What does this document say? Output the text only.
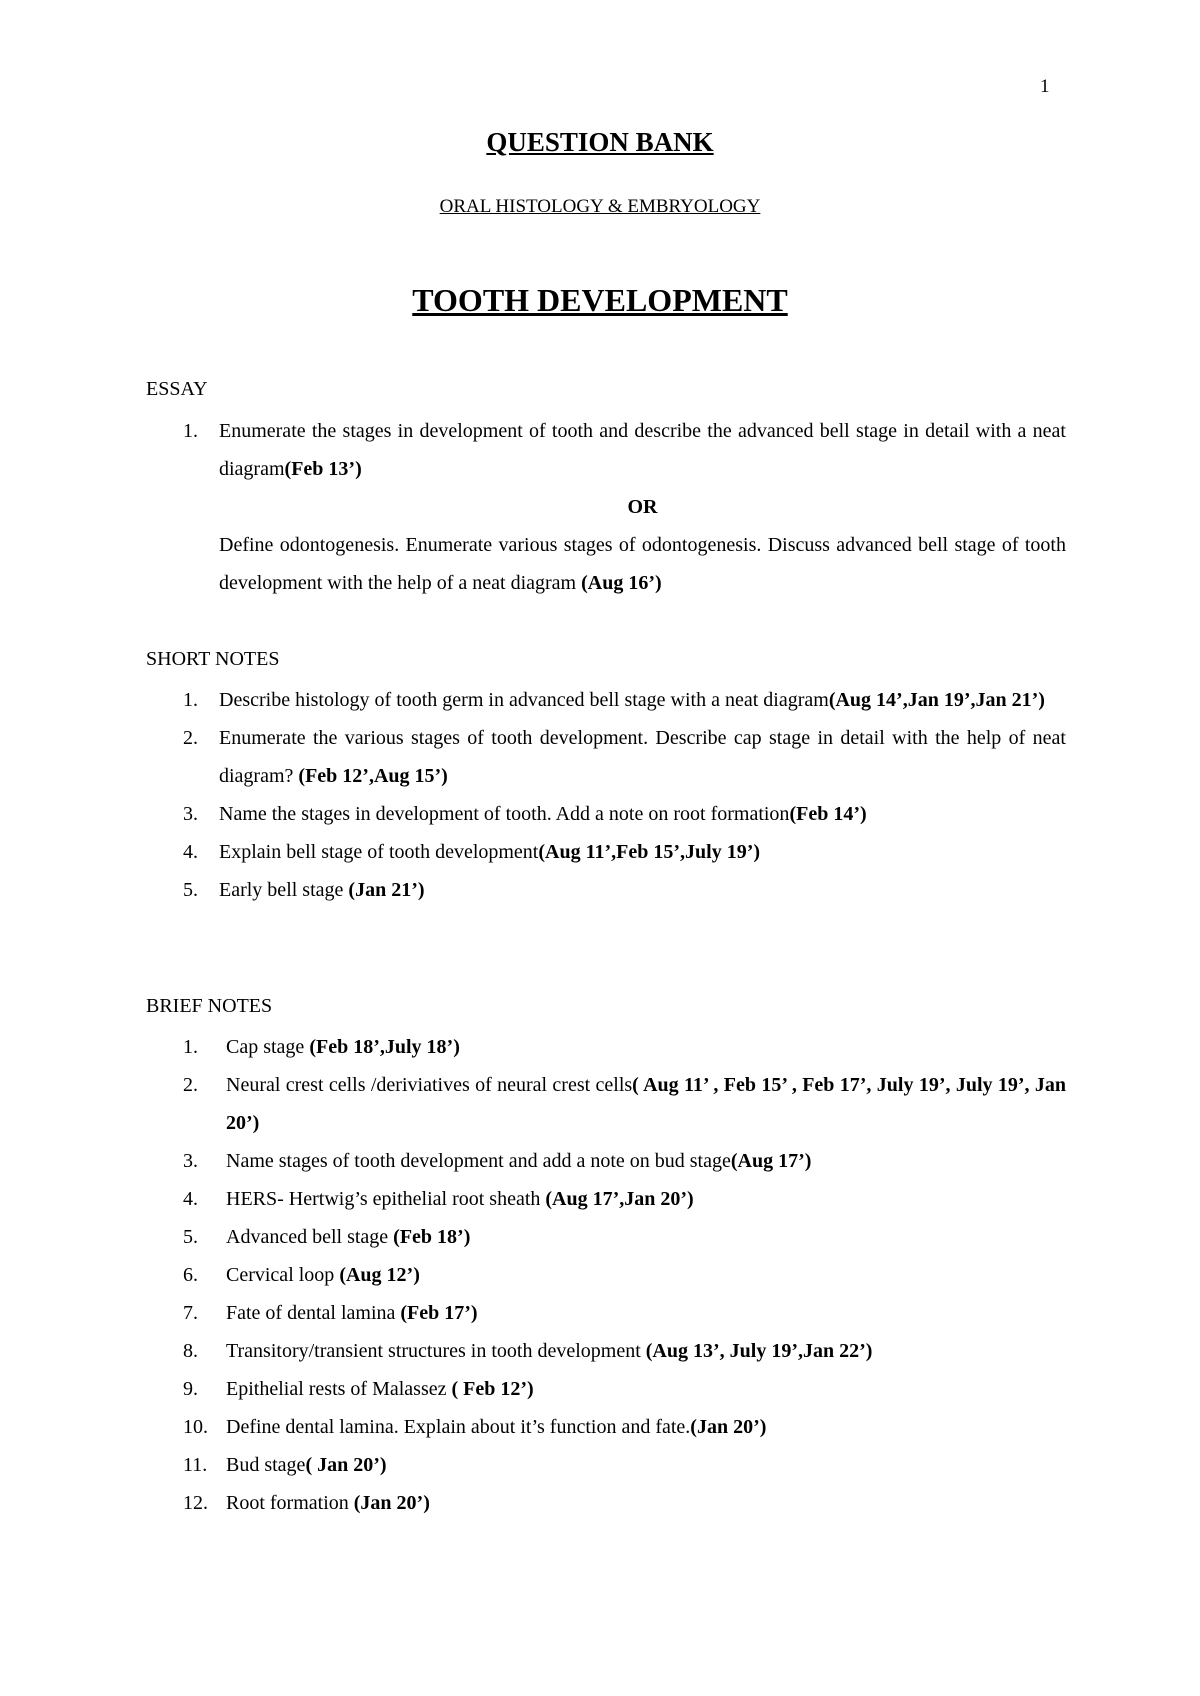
1
QUESTION BANK
ORAL HISTOLOGY & EMBRYOLOGY
TOOTH DEVELOPMENT
ESSAY
1. Enumerate the stages in development of tooth and describe the advanced bell stage in detail with a neat diagram(Feb 13’)
OR
Define odontogenesis. Enumerate various stages of odontogenesis. Discuss advanced bell stage of tooth development with the help of a neat diagram (Aug 16’)
SHORT NOTES
1. Describe histology of tooth germ in advanced bell stage with a neat diagram(Aug 14’,Jan 19’,Jan 21’)
2. Enumerate the various stages of tooth development. Describe cap stage in detail with the help of neat diagram? (Feb 12’,Aug 15’)
3. Name the stages in development of tooth. Add a note on root formation(Feb 14’)
4. Explain bell stage of tooth development(Aug 11’,Feb 15’,July 19’)
5. Early bell stage (Jan 21’)
BRIEF NOTES
1. Cap stage (Feb 18’,July 18’)
2. Neural crest cells /deriviatives of neural crest cells( Aug 11’ , Feb 15’ , Feb 17’, July 19’, July 19’, Jan 20’)
3. Name stages of tooth development and add a note on bud stage(Aug 17’)
4. HERS- Hertwig’s epithelial root sheath (Aug 17’,Jan 20’)
5. Advanced bell stage (Feb 18’)
6. Cervical loop (Aug 12’)
7. Fate of dental lamina (Feb 17’)
8. Transitory/transient structures in tooth development (Aug 13’, July 19’,Jan 22’)
9. Epithelial rests of Malassez ( Feb 12’)
10. Define dental lamina. Explain about it’s function and fate.(Jan 20’)
11. Bud stage( Jan 20’)
12. Root formation (Jan 20’)
